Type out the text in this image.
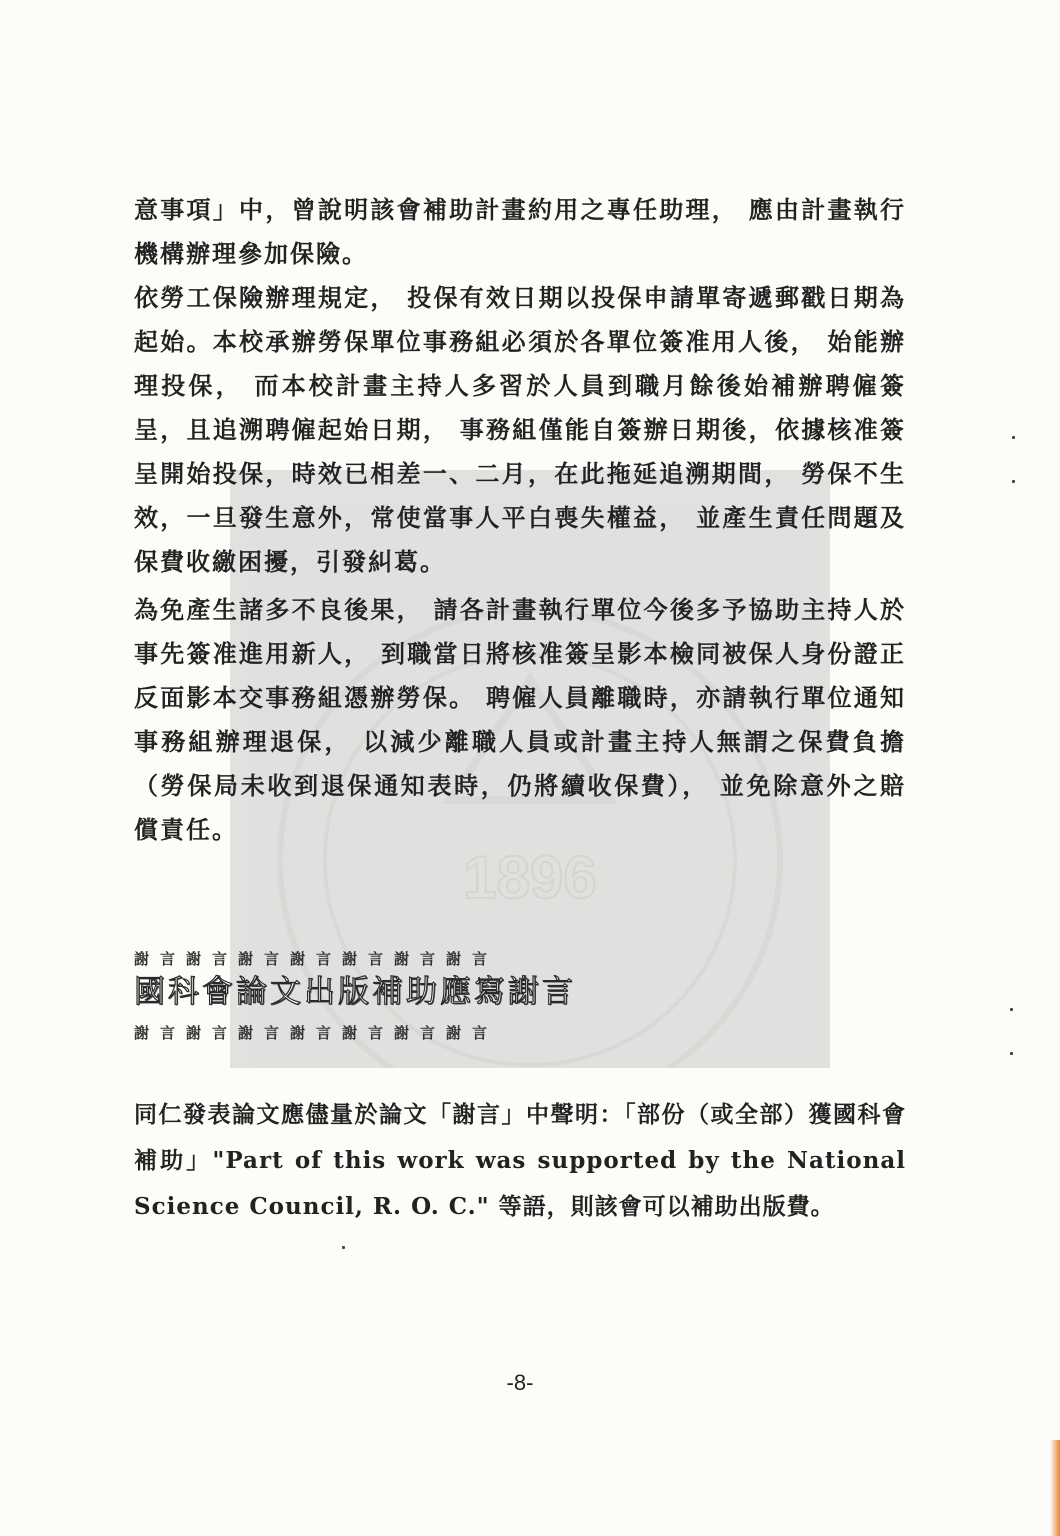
1896

意事項」中，曾說明該會補助計畫約用之專任助理， 應由計畫執行機構辦理參加保險。

依勞工保險辦理規定， 投保有效日期以投保申請單寄遞郵戳日期為起始。本校承辦勞保單位事務組必須於各單位簽准用人後， 始能辦理投保， 而本校計畫主持人多習於人員到職月餘後始補辦聘僱簽呈，且追溯聘僱起始日期， 事務組僅能自簽辦日期後，依據核准簽呈開始投保，時效已相差一、二月，在此拖延追溯期間， 勞保不生效，一旦發生意外，常使當事人平白喪失權益， 並產生責任問題及保費收繳困擾，引發糾葛。

為免產生諸多不良後果， 請各計畫執行單位今後多予協助主持人於事先簽准進用新人， 到職當日將核准簽呈影本檢同被保人身份證正反面影本交事務組憑辦勞保。 聘僱人員離職時，亦請執行單位通知事務組辦理退保， 以減少離職人員或計畫主持人無謂之保費負擔（勞保局未收到退保通知表時，仍將續收保費）， 並免除意外之賠償責任。

謝言謝言謝言謝言謝言謝言謝言
國科會論文出版補助應寫謝言
謝言謝言謝言謝言謝言謝言謝言

同仁發表論文應儘量於論文「謝言」中聲明：「部份（或全部）獲國科會補助」"Part of this work was supported by the National Science Council, R. O. C." 等語，則該會可以補助出版費。

-8-
